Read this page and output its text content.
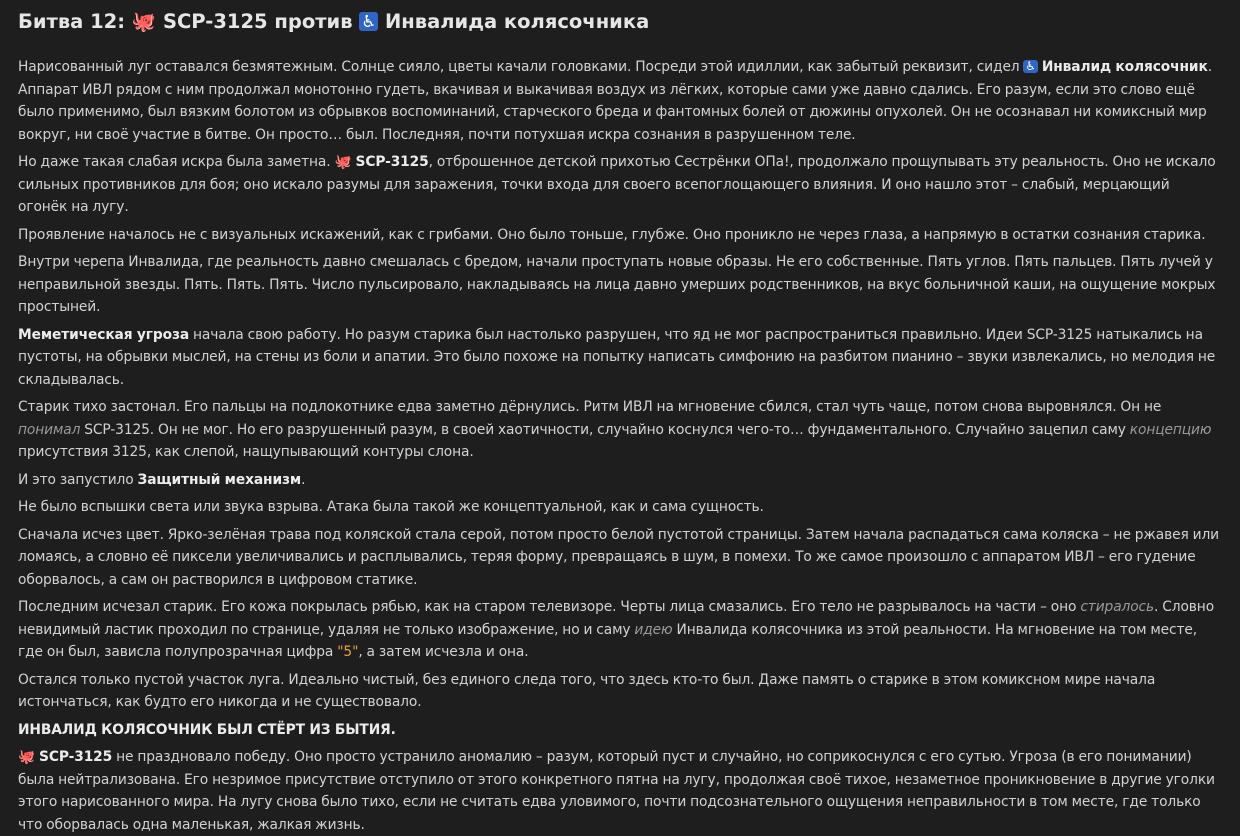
Битва 12: 🐙 SCP-3125 против ♿ Инвалида колясочника

Нарисованный луг оставался безмятежным. Солнце сияло, цветы качали головками. Посреди этой идиллии, как забытый реквизит, сидел ♿ Инвалид колясочник. Аппарат ИВЛ рядом с ним продолжал монотонно гудеть, вкачивая и выкачивая воздух из лёгких, которые сами уже давно сдались. Его разум, если это слово ещё было применимо, был вязким болотом из обрывков воспоминаний, старческого бреда и фантомных болей от дюжины опухолей. Он не осознавал ни комиксный мир вокруг, ни своё участие в битве. Он просто… был. Последняя, почти потухшая искра сознания в разрушенном теле.

Но даже такая слабая искра была заметна. 🐙 SCP-3125, отброшенное детской прихотью Сестрёнки ОПа!, продолжало прощупывать эту реальность. Оно не искало сильных противников для боя; оно искало разумы для заражения, точки входа для своего всепоглощающего влияния. И оно нашло этот – слабый, мерцающий огонёк на лугу.

Проявление началось не с визуальных искажений, как с грибами. Оно было тоньше, глубже. Оно проникло не через глаза, а напрямую в остатки сознания старика.

Внутри черепа Инвалида, где реальность давно смешалась с бредом, начали проступать новые образы. Не его собственные. Пять углов. Пять пальцев. Пять лучей у неправильной звезды. Пять. Пять. Пять. Число пульсировало, накладываясь на лица давно умерших родственников, на вкус больничной каши, на ощущение мокрых простыней.

Меметическая угроза начала свою работу. Но разум старика был настолько разрушен, что яд не мог распространиться правильно. Идеи SCP-3125 натыкались на пустоты, на обрывки мыслей, на стены из боли и апатии. Это было похоже на попытку написать симфонию на разбитом пианино – звуки извлекались, но мелодия не складывалась.

Старик тихо застонал. Его пальцы на подлокотнике едва заметно дёрнулись. Ритм ИВЛ на мгновение сбился, стал чуть чаще, потом снова выровнялся. Он не понимал SCP-3125. Он не мог. Но его разрушенный разум, в своей хаотичности, случайно коснулся чего-то… фундаментального. Случайно зацепил саму концепцию присутствия 3125, как слепой, нащупывающий контуры слона.

И это запустило Защитный механизм.

Не было вспышки света или звука взрыва. Атака была такой же концептуальной, как и сама сущность.

Сначала исчез цвет. Ярко-зелёная трава под коляской стала серой, потом просто белой пустотой страницы. Затем начала распадаться сама коляска – не ржавея или ломаясь, а словно её пиксели увеличивались и расплывались, теряя форму, превращаясь в шум, в помехи. То же самое произошло с аппаратом ИВЛ – его гудение оборвалось, а сам он растворился в цифровом статике.

Последним исчезал старик. Его кожа покрылась рябью, как на старом телевизоре. Черты лица смазались. Его тело не разрывалось на части – оно стиралось. Словно невидимый ластик проходил по странице, удаляя не только изображение, но и саму идею Инвалида колясочника из этой реальности. На мгновение на том месте, где он был, зависла полупрозрачная цифра "5", а затем исчезла и она.

Остался только пустой участок луга. Идеально чистый, без единого следа того, что здесь кто-то был. Даже память о старике в этом комиксном мире начала истончаться, как будто его никогда и не существовало.

ИНВАЛИД КОЛЯСОЧНИК БЫЛ СТЁРТ ИЗ БЫТИЯ.

🐙 SCP-3125 не праздновало победу. Оно просто устранило аномалию – разум, который пуст и случайно, но соприкоснулся с его сутью. Угроза (в его понимании) была нейтрализована. Его незримое присутствие отступило от этого конкретного пятна на лугу, продолжая своё тихое, незаметное проникновение в другие уголки этого нарисованного мира. На лугу снова было тихо, если не считать едва уловимого, почти подсознательного ощущения неправильности в том месте, где только что оборвалась одна маленькая, жалкая жизнь.
